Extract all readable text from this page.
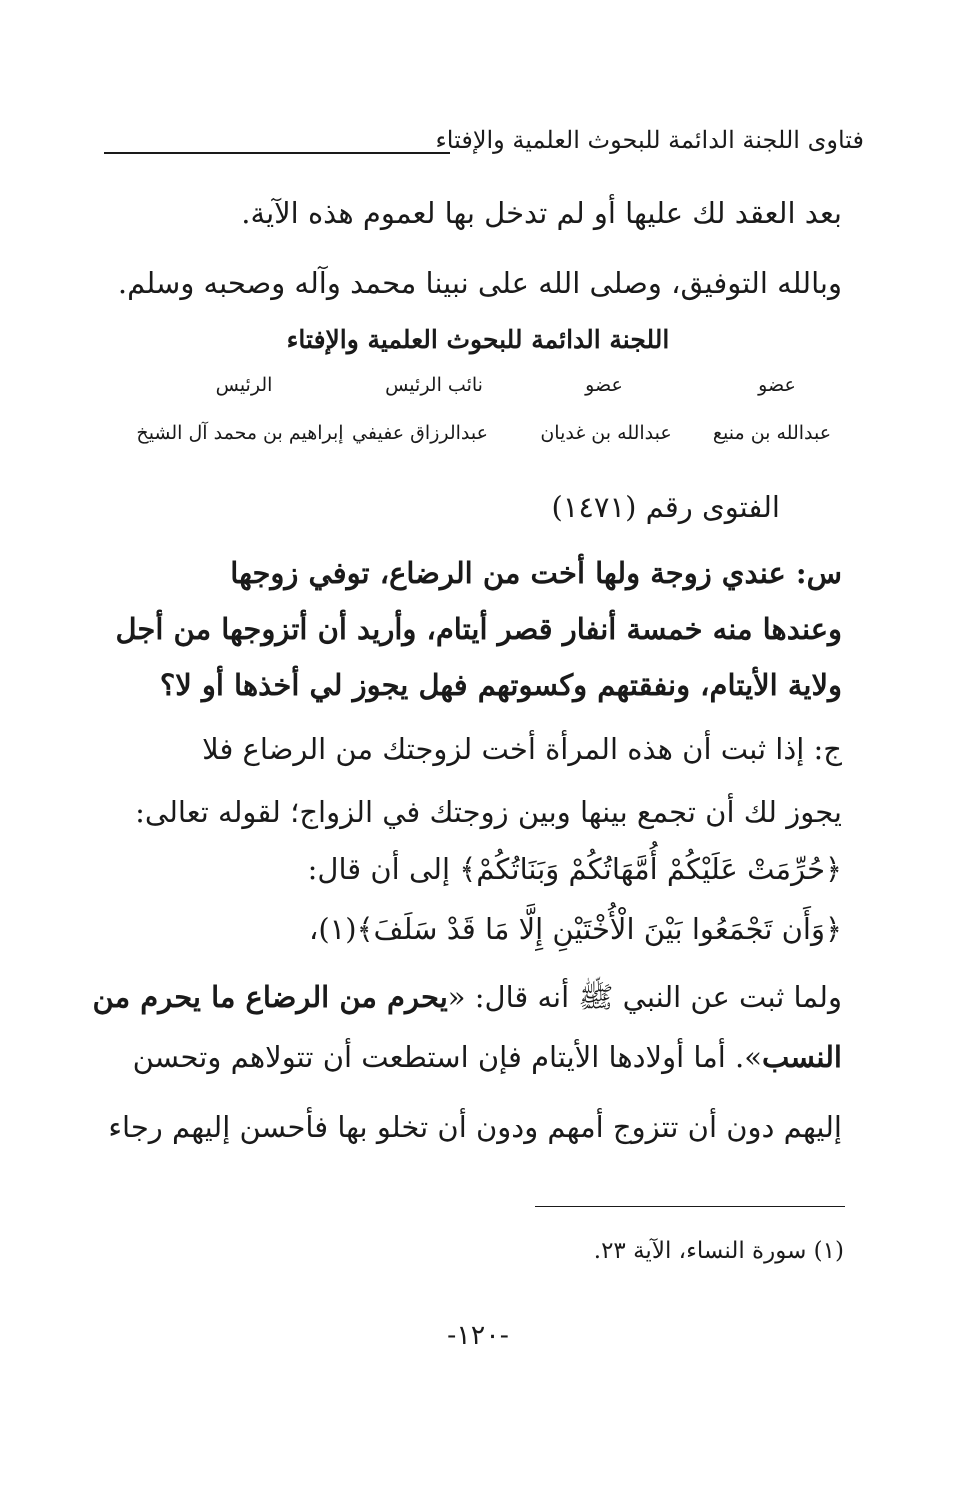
فتاوى اللجنة الدائمة للبحوث العلمية والإفتاء
بعد العقد لك عليها أو لم تدخل بها لعموم هذه الآية.
وبالله التوفيق، وصلى الله على نبينا محمد وآله وصحبه وسلم.
اللجنة الدائمة للبحوث العلمية والإفتاء
عضو
عضو
نائب الرئيس
الرئيس
عبدالله بن منيع
عبدالله بن غديان
عبدالرزاق عفيفي
إبراهيم بن محمد آل الشيخ
الفتوى رقم (١٤٧١)
س: عندي زوجة ولها أخت من الرضاع، توفي زوجها
وعندها منه خمسة أنفار قصر أيتام، وأريد أن أتزوجها من أجل
ولاية الأيتام، ونفقتهم وكسوتهم فهل يجوز لي أخذها أو لا؟
ج: إذا ثبت أن هذه المرأة أخت لزوجتك من الرضاع فلا
يجوز لك أن تجمع بينها وبين زوجتك في الزواج؛ لقوله تعالى:
﴿حُرِّمَتْ عَلَيْكُمْ أُمَّهَاتُكُمْ وَبَنَاتُكُمْ﴾ إلى أن قال:
﴿وَأَن تَجْمَعُوا بَيْنَ الْأُخْتَيْنِ إِلَّا مَا قَدْ سَلَفَ﴾(١)،
ولما ثبت عن النبي ﷺ أنه قال: «يحرم من الرضاع ما يحرم من
النسب». أما أولادها الأيتام فإن استطعت أن تتولاهم وتحسن
إليهم دون أن تتزوج أمهم ودون أن تخلو بها فأحسن إليهم رجاء
(١) سورة النساء، الآية ٢٣.
-١٢٠-
